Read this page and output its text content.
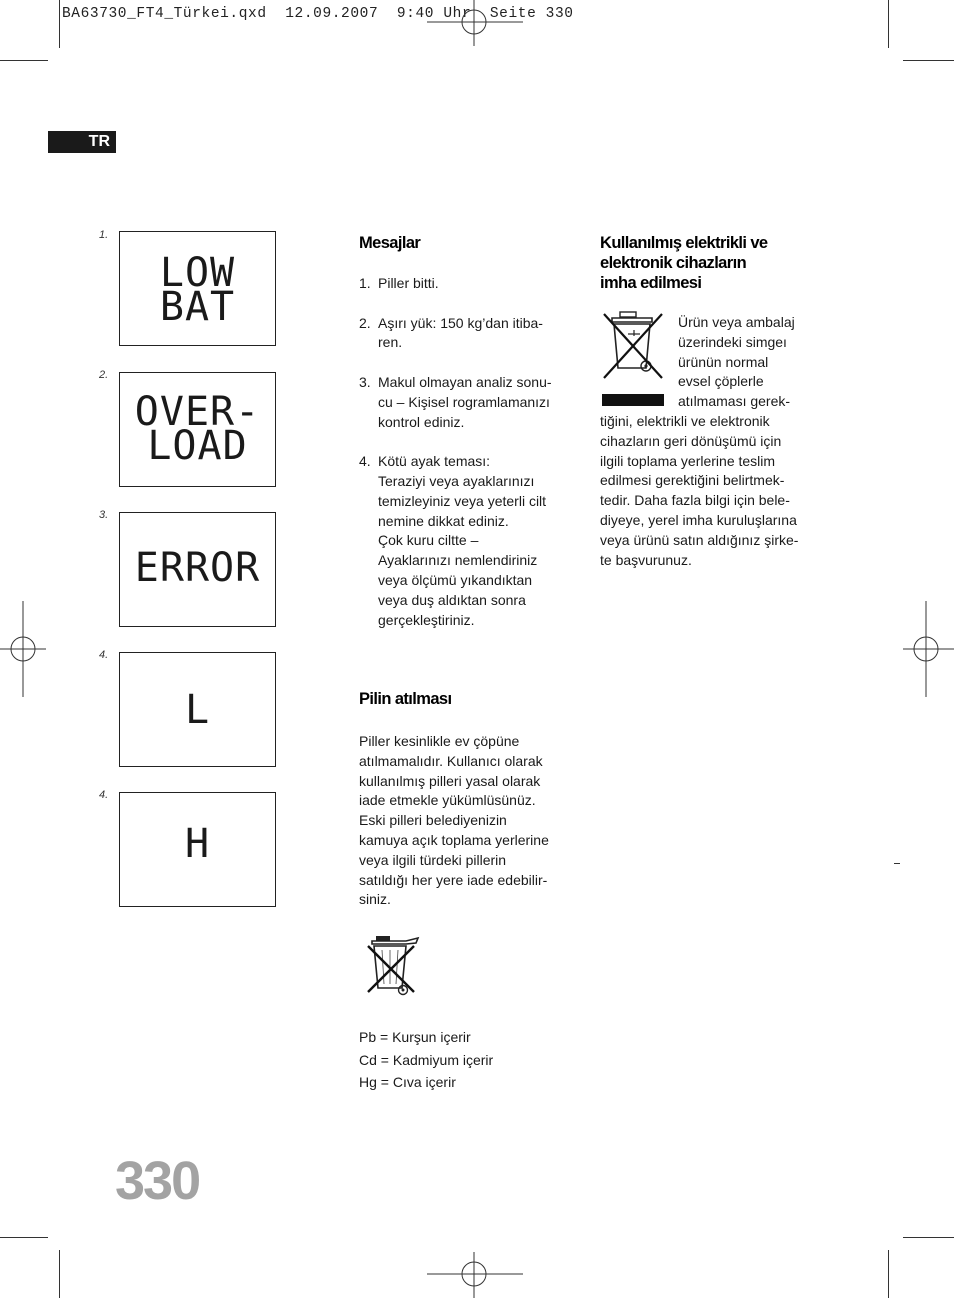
BA63730_FT4_Türkei.qxd  12.09.2007  9:40 Uhr  Seite 330
TR
1.
LOW
BAT
2.
OVER-
LOAD
3.
ERROR
4.
L
4.
H
Mesajlar
1. Piller bitti.
2. Aşırı yük: 150 kg’dan itiba-
ren.
3. Makul olmayan analiz sonu-
cu – Kişisel rogramlamanızı
kontrol ediniz.
4. Kötü ayak teması:
Teraziyi veya ayaklarınızı
temizleyiniz veya yeterli cilt
nemine dikkat ediniz.
Çok kuru ciltte –
Ayaklarınızı nemlendiriniz
veya ölçümü yıkandıktan
veya duş aldıktan sonra
gerçekleştiriniz.
Pilin atılması
Piller kesinlikle ev çöpüne
atılmamalıdır. Kullanıcı olarak
kullanılmış pilleri yasal olarak
iade etmekle yükümlüsünüz.
Eski pilleri belediyenizin
kamuya açık toplama yerlerine
veya ilgili türdeki pillerin
satıldığı her yere iade edebilir-
siniz.
Pb = Kurşun içerir
Cd = Kadmiyum içerir
Hg = Cıva içerir
Kullanılmış elektrikli ve
elektronik cihazların
imha edilmesi
Ürün veya ambalaj
üzerindeki simgeı
ürünün normal
evsel çöplerle
atılmaması gerek-
tiğini, elektrikli ve elektronik
cihazların geri dönüşümü için
ilgili toplama yerlerine teslim
edilmesi gerektiğini belirtmek-
tedir. Daha fazla bilgi için bele-
diyeye, yerel imha kuruluşlarına
veya ürünü satın aldığınız şirke-
te başvurunuz.
330
